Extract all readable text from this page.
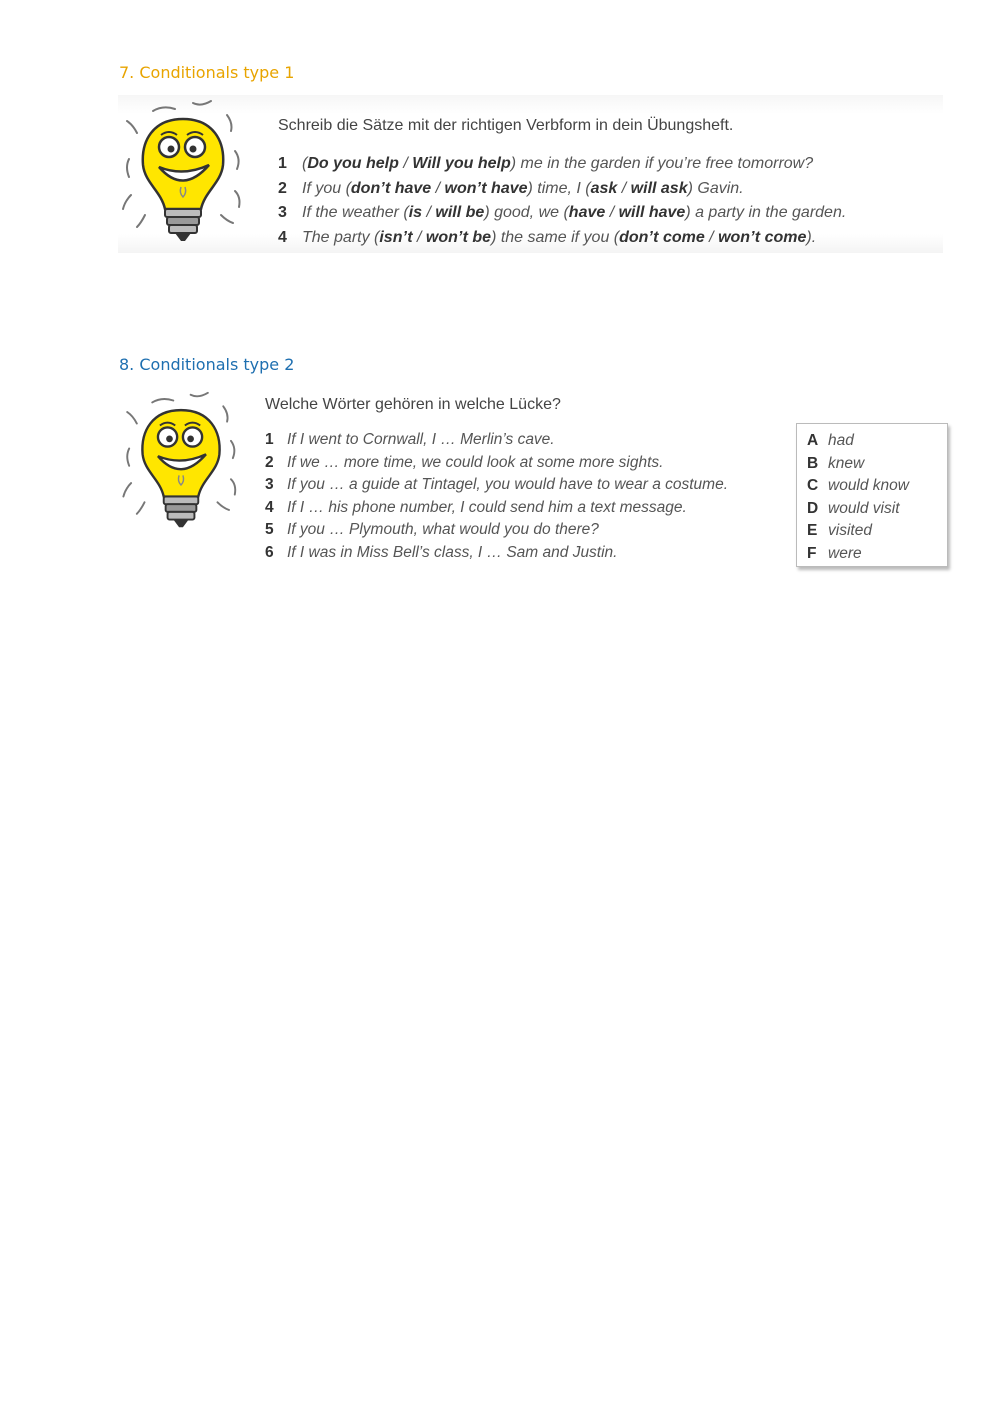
7. Conditionals type 1
Schreib die Sätze mit der richtigen Verbform in dein Übungsheft.
1 (Do you help / Will you help) me in the garden if you’re free tomorrow?
2 If you (don’t have / won’t have) time, I (ask / will ask) Gavin.
3 If the weather (is / will be) good, we (have / will have) a party in the garden.
4 The party (isn’t / won’t be) the same if you (don’t come / won’t come).
8. Conditionals type 2
Welche Wörter gehören in welche Lücke?
1 If I went to Cornwall, I … Merlin’s cave.
2 If we … more time, we could look at some more sights.
3 If you … a guide at Tintagel, you would have to wear a costume.
4 If I … his phone number, I could send him a text message.
5 If you … Plymouth, what would you do there?
6 If I was in Miss Bell’s class, I … Sam and Justin.
A had
B knew
C would know
D would visit
E visited
F were
